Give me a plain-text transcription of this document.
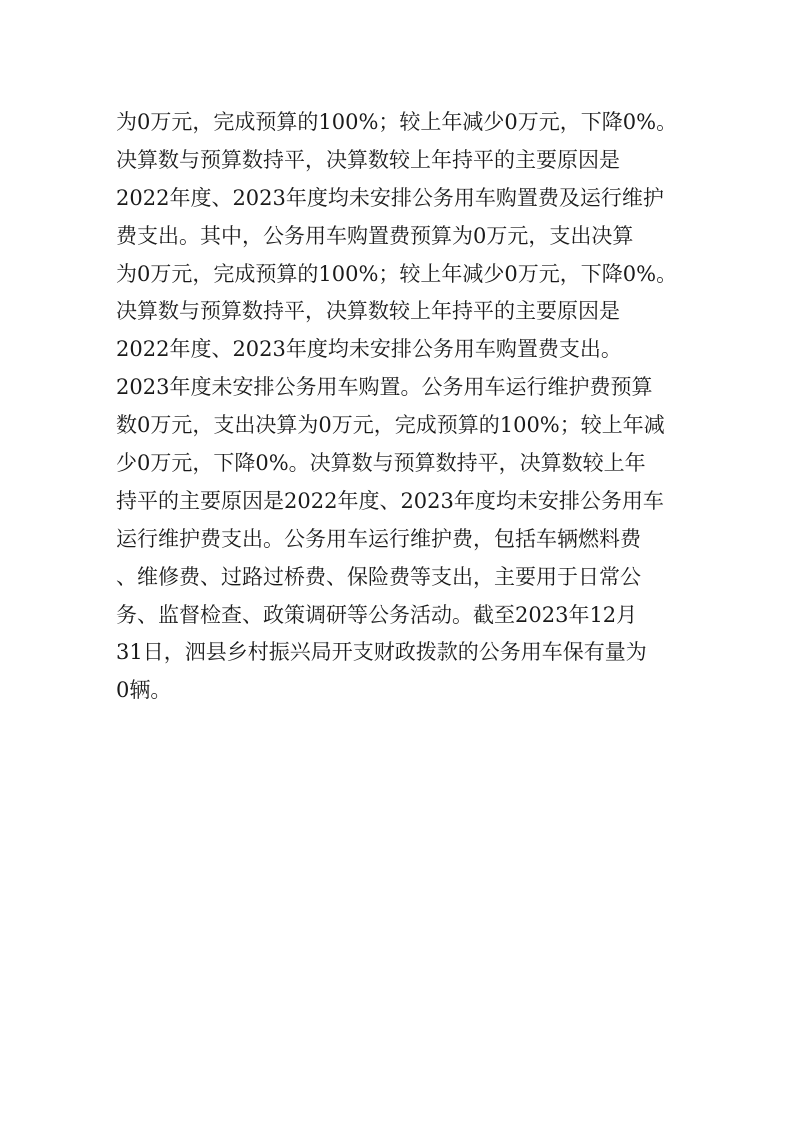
为0万元，完成预算的100%；较上年减少0万元，下降0%。
决算数与预算数持平，决算数较上年持平的主要原因是
2022年度、2023年度均未安排公务用车购置费及运行维护
费支出。其中，公务用车购置费预算为0万元，支出决算
为0万元，完成预算的100%；较上年减少0万元，下降0%。
决算数与预算数持平，决算数较上年持平的主要原因是
2022年度、2023年度均未安排公务用车购置费支出。
2023年度未安排公务用车购置。公务用车运行维护费预算
数0万元，支出决算为0万元，完成预算的100%；较上年减
少0万元，下降0%。决算数与预算数持平，决算数较上年
持平的主要原因是2022年度、2023年度均未安排公务用车
运行维护费支出。公务用车运行维护费，包括车辆燃料费
、维修费、过路过桥费、保险费等支出，主要用于日常公
务、监督检查、政策调研等公务活动。截至2023年12月
31日，泗县乡村振兴局开支财政拨款的公务用车保有量为
0辆。
